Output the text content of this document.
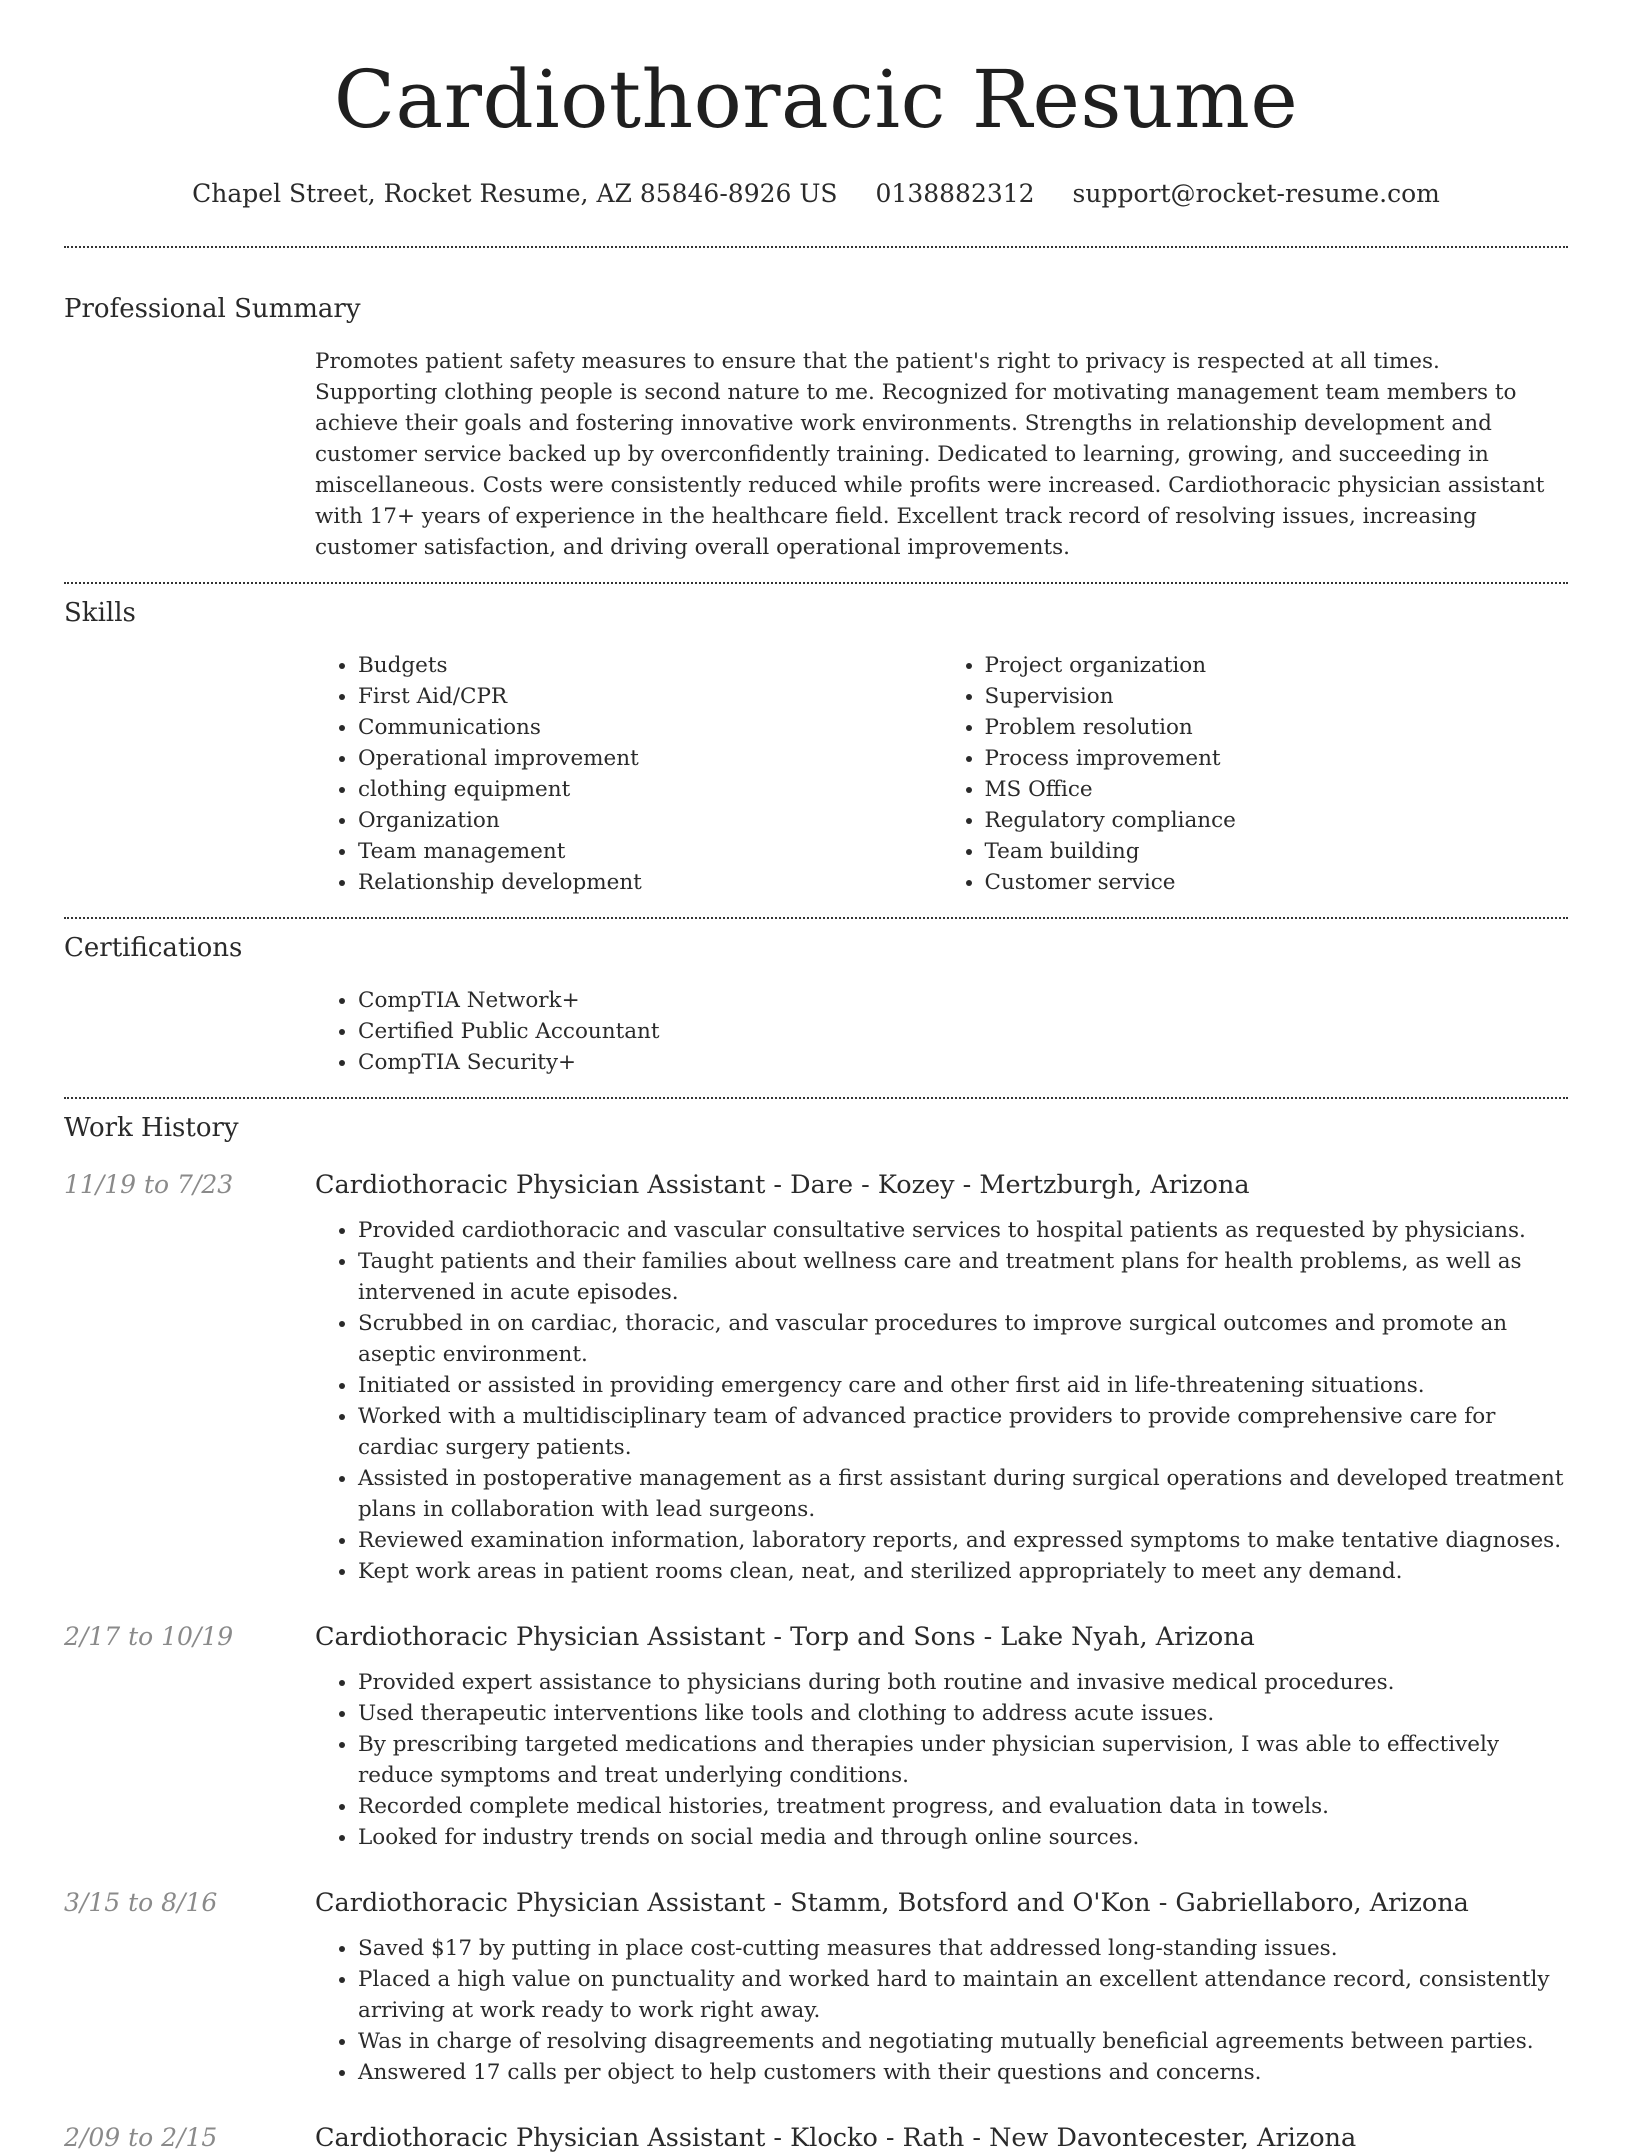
Cardiothoracic Resume
Chapel Street, Rocket Resume, AZ 85846-8926 US 0138882312 support@rocket-resume.com
Professional Summary
Promotes patient safety measures to ensure that the patient's right to privacy is respected at all times. Supporting clothing people is second nature to me. Recognized for motivating management team members to achieve their goals and fostering innovative work environments. Strengths in relationship development and customer service backed up by overconfidently training. Dedicated to learning, growing, and succeeding in miscellaneous. Costs were consistently reduced while profits were increased. Cardiothoracic physician assistant with 17+ years of experience in the healthcare field. Excellent track record of resolving issues, increasing customer satisfaction, and driving overall operational improvements.
Skills
• Budgets
• First Aid/CPR
• Communications
• Operational improvement
• clothing equipment
• Organization
• Team management
• Relationship development
• Project organization
• Supervision
• Problem resolution
• Process improvement
• MS Office
• Regulatory compliance
• Team building
• Customer service
Certifications
• CompTIA Network+
• Certified Public Accountant
• CompTIA Security+
Work History
11/19 to 7/23	Cardiothoracic Physician Assistant - Dare - Kozey - Mertzburgh, Arizona
• Provided cardiothoracic and vascular consultative services to hospital patients as requested by physicians.
• Taught patients and their families about wellness care and treatment plans for health problems, as well as intervened in acute episodes.
• Scrubbed in on cardiac, thoracic, and vascular procedures to improve surgical outcomes and promote an aseptic environment.
• Initiated or assisted in providing emergency care and other first aid in life-threatening situations.
• Worked with a multidisciplinary team of advanced practice providers to provide comprehensive care for cardiac surgery patients.
• Assisted in postoperative management as a first assistant during surgical operations and developed treatment plans in collaboration with lead surgeons.
• Reviewed examination information, laboratory reports, and expressed symptoms to make tentative diagnoses.
• Kept work areas in patient rooms clean, neat, and sterilized appropriately to meet any demand.
2/17 to 10/19	Cardiothoracic Physician Assistant - Torp and Sons - Lake Nyah, Arizona
• Provided expert assistance to physicians during both routine and invasive medical procedures.
• Used therapeutic interventions like tools and clothing to address acute issues.
• By prescribing targeted medications and therapies under physician supervision, I was able to effectively reduce symptoms and treat underlying conditions.
• Recorded complete medical histories, treatment progress, and evaluation data in towels.
• Looked for industry trends on social media and through online sources.
3/15 to 8/16	Cardiothoracic Physician Assistant - Stamm, Botsford and O'Kon - Gabriellaboro, Arizona
• Saved $17 by putting in place cost-cutting measures that addressed long-standing issues.
• Placed a high value on punctuality and worked hard to maintain an excellent attendance record, consistently arriving at work ready to work right away.
• Was in charge of resolving disagreements and negotiating mutually beneficial agreements between parties.
• Answered 17 calls per object to help customers with their questions and concerns.
2/09 to 2/15	Cardiothoracic Physician Assistant - Klocko - Rath - New Davontecester, Arizona
